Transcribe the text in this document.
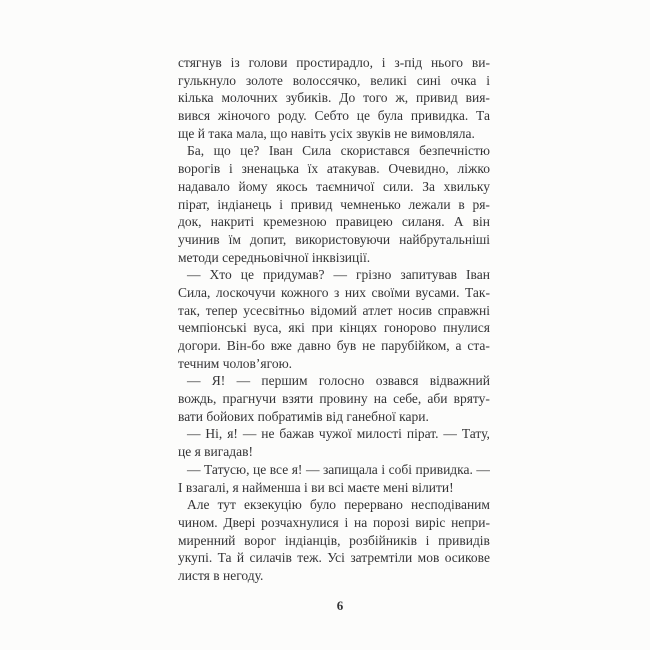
стягнув із голови простирадло, і з-під нього ви-
гулькнуло золоте волоссячко, великі сині очка і
кілька молочних зубиків. До того ж, привид вия-
вився жіночого роду. Себто це була привидка. Та
ще й така мала, що навіть усіх звуків не вимовляла.
Ба, що це? Іван Сила скористався безпечністю
ворогів і зненацька їх атакував. Очевидно, ліжко
надавало йому якось таємничої сили. За хвильку
пірат, індіанець і привид чемненько лежали в ря-
док, накриті кремезною правицею силаня. А він
учинив їм допит, використовуючи найбрутальніші
методи середньовічної інквізиції.
— Хто це придумав? — грізно запитував Іван
Сила, лоскочучи кожного з них своїми вусами. Так-
так, тепер усесвітньо відомий атлет носив справжні
чемпіонські вуса, які при кінцях гонорово пнулися
догори. Він-бо вже давно був не парубійком, а ста-
течним чолов’ягою.
— Я! — першим голосно озвався відважний
вождь, прагнучи взяти провину на себе, аби вряту-
вати бойових побратимів від ганебної кари.
— Ні, я! — не бажав чужої милості пірат. — Тату,
це я вигадав!
— Татусю, це все я! — запищала і собі привидка. —
І взагалі, я найменша і ви всі маєте мені вілити!
Але тут екзекуцію було перервано несподіваним
чином. Двері розчахнулися і на порозі виріс непри-
миренний ворог індіанців, розбійників і привидів
укупі. Та й силачів теж. Усі затремтіли мов осикове
листя в негоду.
6
